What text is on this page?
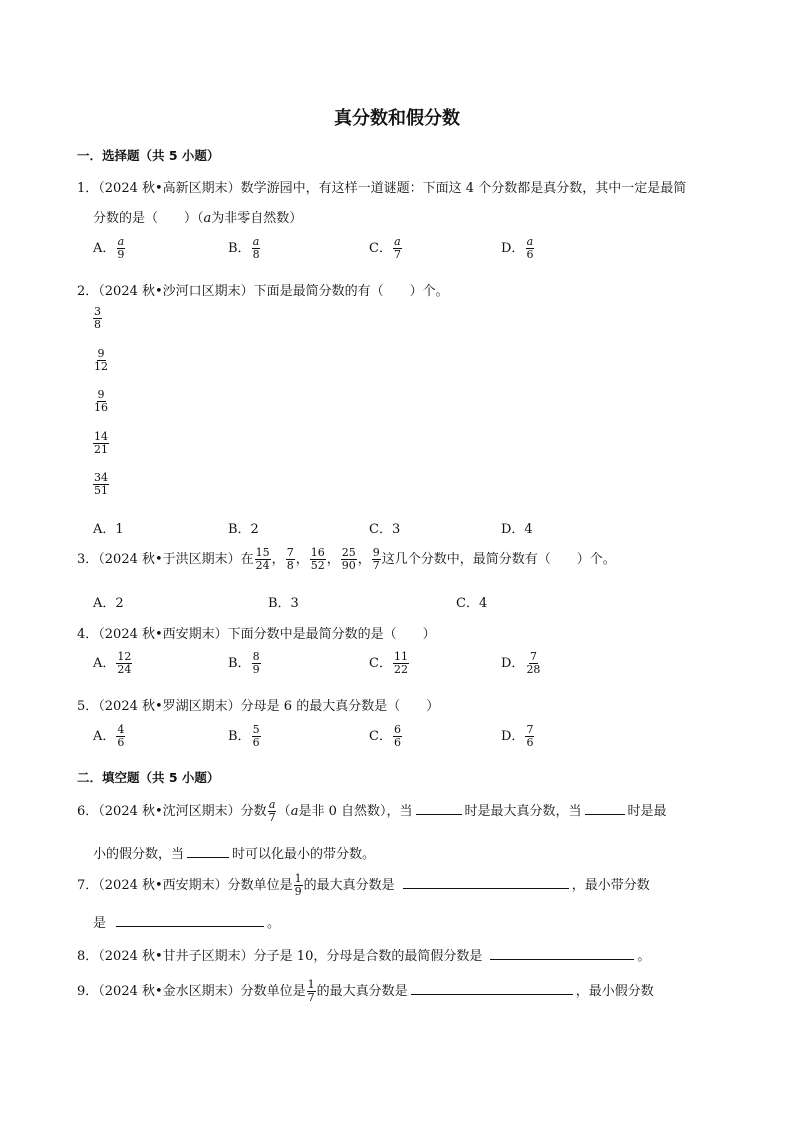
真分数和假分数
一．选择题（共 5 小题）
1．（2024 秋•高新区期末）数学游园中，有这样一道谜题：下面这 4 个分数都是真分数，其中一定是最简
分数的是（　　）（a为非零自然数）
A． $\frac{a}{9}$	B． $\frac{a}{8}$	C． $\frac{a}{7}$	D． $\frac{a}{6}$
2．（2024 秋•沙河口区期末）下面是最简分数的有（　　）个。
$\frac{3}{8}$
$\frac{9}{12}$
$\frac{9}{16}$
$\frac{14}{21}$
$\frac{34}{51}$
A．1	B．2	C．3	D．4
3．（2024 秋•于洪区期末）在 $\frac{15}{24}$ ， $\frac{7}{8}$ ， $\frac{16}{52}$ ， $\frac{25}{90}$ ， $\frac{9}{7}$ 这几个分数中，最简分数有（　　）个。
A．2	B．3	C．4
4．（2024 秋•西安期末）下面分数中是最简分数的是（　　）
A． $\frac{12}{24}$	B． $\frac{8}{9}$	C． $\frac{11}{22}$	D． $\frac{7}{28}$
5．（2024 秋•罗湖区期末）分母是 6 的最大真分数是（　　）
A． $\frac{4}{6}$	B． $\frac{5}{6}$	C． $\frac{6}{6}$	D． $\frac{7}{6}$
二．填空题（共 5 小题）
6．（2024 秋•沈河区期末）分数 $\frac{a}{7} (a$是非 0 自然数），当	时是最大真分数，当	时是最
小的假分数，当	时可以化最小的带分数。
7．（2024 秋•西安期末）分数单位是 $\frac{1}{9}$ 的最大真分数是	，最小带分数
是	。
8．（2024 秋•甘井子区期末）分子是 10，分母是合数的最简假分数是	。
9．（2024 秋•金水区期末）分数单位是 $\frac{1}{7}$ 的最大真分数是	，最小假分数
